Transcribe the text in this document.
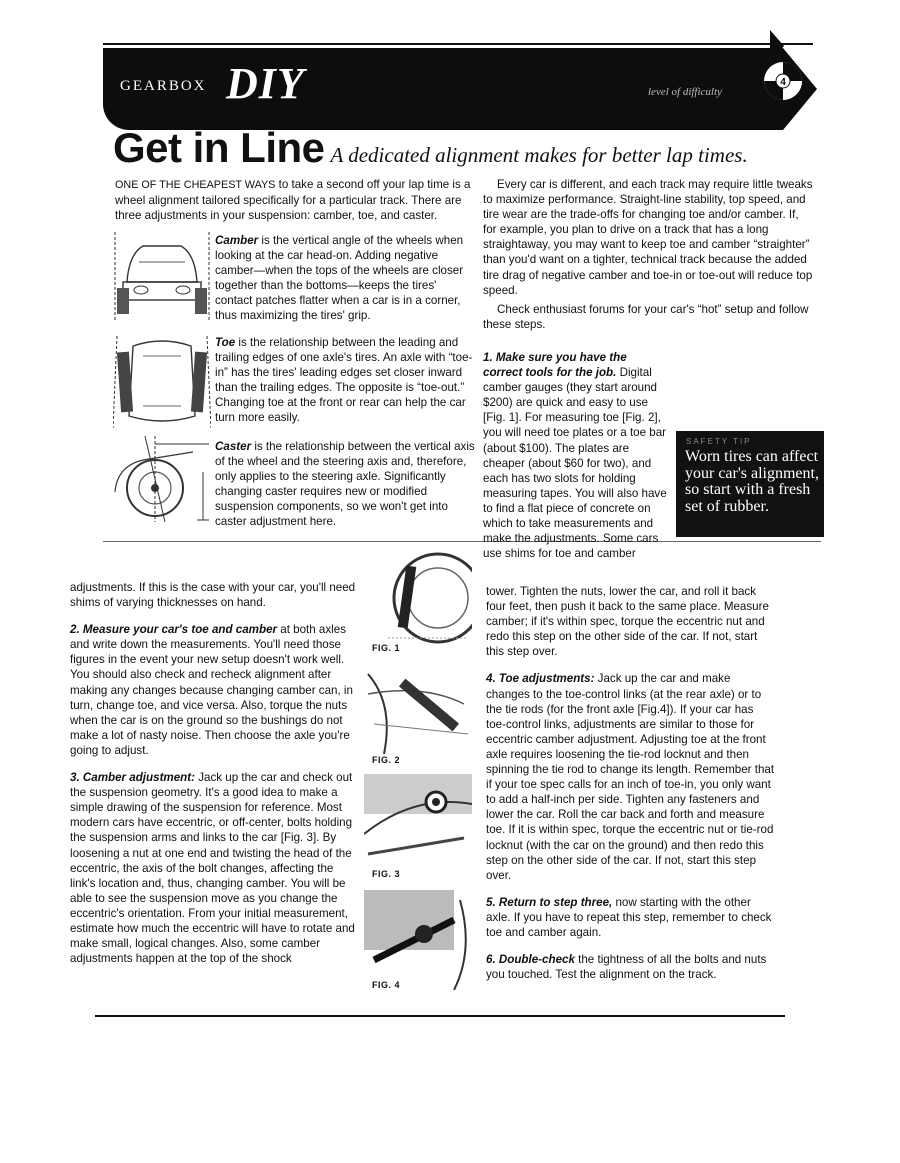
GEARBOX DIY	level of difficulty
4
Get in Line A dedicated alignment makes for better lap times.
ONE OF THE CHEAPEST WAYS to take a second off your lap time is a wheel alignment tailored specifically for a particular track. There are three adjustments in your suspension: camber, toe, and caster.
Camber is the vertical angle of the wheels when looking at the car head-on. Adding negative camber—when the tops of the wheels are closer together than the bottoms—keeps the tires' contact patches flatter when a car is in a corner, thus maximizing the tires' grip.
Toe is the relationship between the leading and trailing edges of one axle's tires. An axle with “toe-in” has the tires' leading edges set closer inward than the trailing edges. The opposite is “toe-out.” Changing toe at the front or rear can help the car turn more easily.
Caster is the relationship between the vertical axis of the wheel and the steering axis and, therefore, only applies to the steering axle. Significantly changing caster requires new or modified suspension components, so we won't get into caster adjustment here.

Every car is different, and each track may require little tweaks to maximize performance. Straight-line stability, top speed, and tire wear are the trade-offs for changing toe and/or camber. If, for example, you plan to drive on a track that has a long straightaway, you may want to keep toe and camber “straighter” than you'd want on a tighter, technical track because the added tire drag of negative camber and toe-in or toe-out will reduce top speed.

Check enthusiast forums for your car's “hot” setup and follow these steps.

1. Make sure you have the correct tools for the job. Digital camber gauges (they start around $200) are quick and easy to use [Fig. 1]. For measuring toe [Fig. 2], you will need toe plates or a toe bar (about $100). The plates are cheaper (about $60 for two), and each has two slots for holding measuring tapes. You will also have to find a flat piece of concrete on which to take measurements and make the adjustments. Some cars use shims for toe and camber
SAFETY TIP
Worn tires can affect your car's alignment, so start with a fresh set of rubber.

adjustments. If this is the case with your car, you'll need shims of varying thicknesses on hand.

2. Measure your car's toe and camber at both axles and write down the measurements. You'll need those figures in the event your new setup doesn't work well. You should also check and recheck alignment after making any changes because changing camber can, in turn, change toe, and vice versa. Also, torque the nuts when the car is on the ground so the bushings do not make a lot of nasty noise. Then choose the axle you're going to adjust.

3. Camber adjustment: Jack up the car and check out the suspension geometry. It's a good idea to make a simple drawing of the suspension for reference. Most modern cars have eccentric, or off-center, bolts holding the suspension arms and links to the car [Fig. 3]. By loosening a nut at one end and twisting the head of the eccentric, the axis of the bolt changes, affecting the link's location and, thus, changing camber. You will be able to see the suspension move as you change the eccentric's orientation. From your initial measurement, estimate how much the eccentric will have to rotate and make small, logical changes. Also, some camber adjustments happen at the top of the shock

FIG. 1
FIG. 2
FIG. 3
FIG. 4

tower. Tighten the nuts, lower the car, and roll it back four feet, then push it back to the same place. Measure camber; if it's within spec, torque the eccentric nut and redo this step on the other side of the car. If not, start this step over.

4. Toe adjustments: Jack up the car and make changes to the toe-control links (at the rear axle) or to the tie rods (for the front axle [Fig.4]). If your car has toe-control links, adjustments are similar to those for eccentric camber adjustment. Adjusting toe at the front axle requires loosening the tie-rod locknut and then spinning the tie rod to change its length. Remember that if your toe spec calls for an inch of toe-in, you only want to add a half-inch per side. Tighten any fasteners and lower the car. Roll the car back and forth and measure toe. If it is within spec, torque the eccentric nut or tie-rod locknut (with the car on the ground) and then redo this step on the other side of the car. If not, start this step over.

5. Return to step three, now starting with the other axle. If you have to repeat this step, remember to check toe and camber again.

6. Double-check the tightness of all the bolts and nuts you touched. Test the alignment on the track.
